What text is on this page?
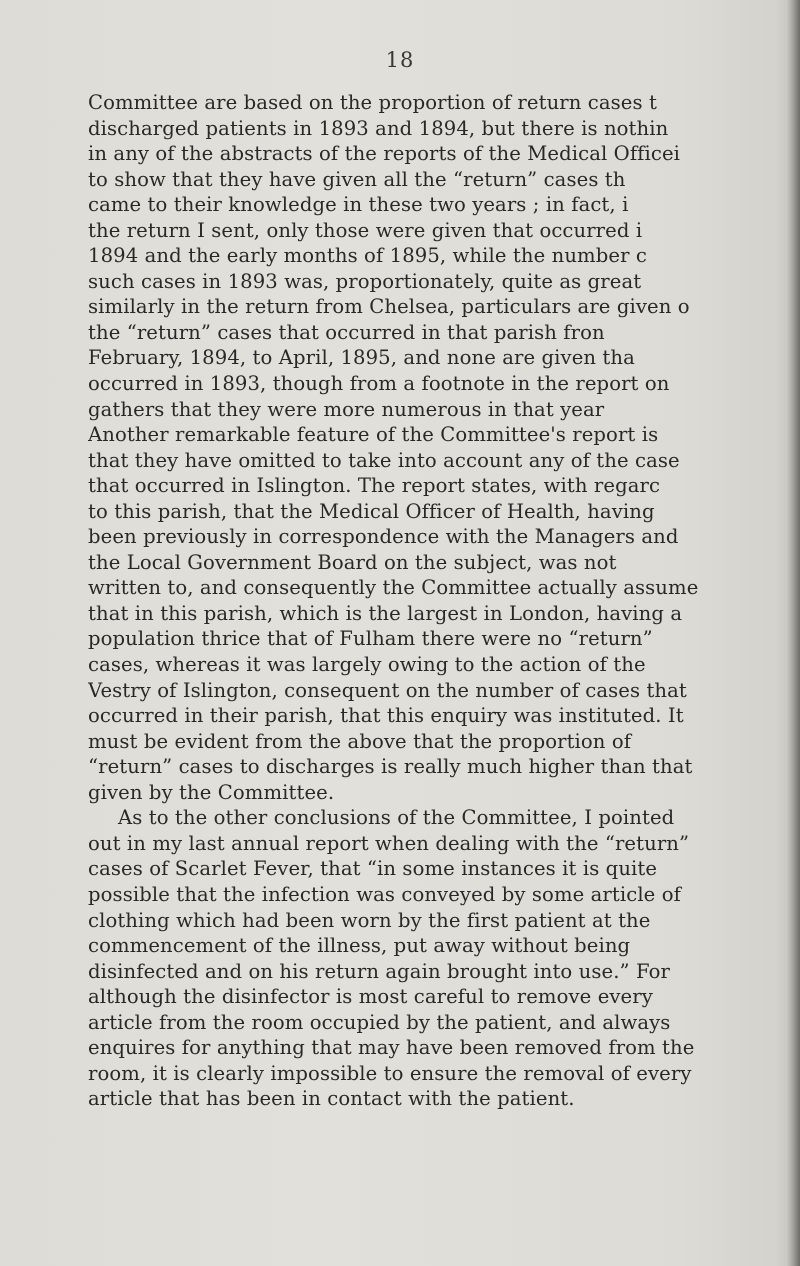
18
Committee are based on the proportion of return cases t
discharged patients in 1893 and 1894, but there is nothin
in any of the abstracts of the reports of the Medical Officei
to show that they have given all the “return” cases th
came to their knowledge in these two years ; in fact, i
the return I sent, only those were given that occurred i
1894 and the early months of 1895, while the number c
such cases in 1893 was, proportionately, quite as great
similarly in the return from Chelsea, particulars are given o
the “return” cases that occurred in that parish fron
February, 1894, to April, 1895, and none are given tha
occurred in 1893, though from a footnote in the report on
gathers that they were more numerous in that year
Another remarkable feature of the Committee's report is
that they have omitted to take into account any of the case
that occurred in Islington. The report states, with regarc
to this parish, that the Medical Officer of Health, having
been previously in correspondence with the Managers and
the Local Government Board on the subject, was not
written to, and consequently the Committee actually assume
that in this parish, which is the largest in London, having a
population thrice that of Fulham there were no “return”
cases, whereas it was largely owing to the action of the
Vestry of Islington, consequent on the number of cases that
occurred in their parish, that this enquiry was instituted. It
must be evident from the above that the proportion of
“return” cases to discharges is really much higher than that
given by the Committee.
As to the other conclusions of the Committee, I pointed
out in my last annual report when dealing with the “return”
cases of Scarlet Fever, that “in some instances it is quite
possible that the infection was conveyed by some article of
clothing which had been worn by the first patient at the
commencement of the illness, put away without being
disinfected and on his return again brought into use.” For
although the disinfector is most careful to remove every
article from the room occupied by the patient, and always
enquires for anything that may have been removed from the
room, it is clearly impossible to ensure the removal of every
article that has been in contact with the patient.
